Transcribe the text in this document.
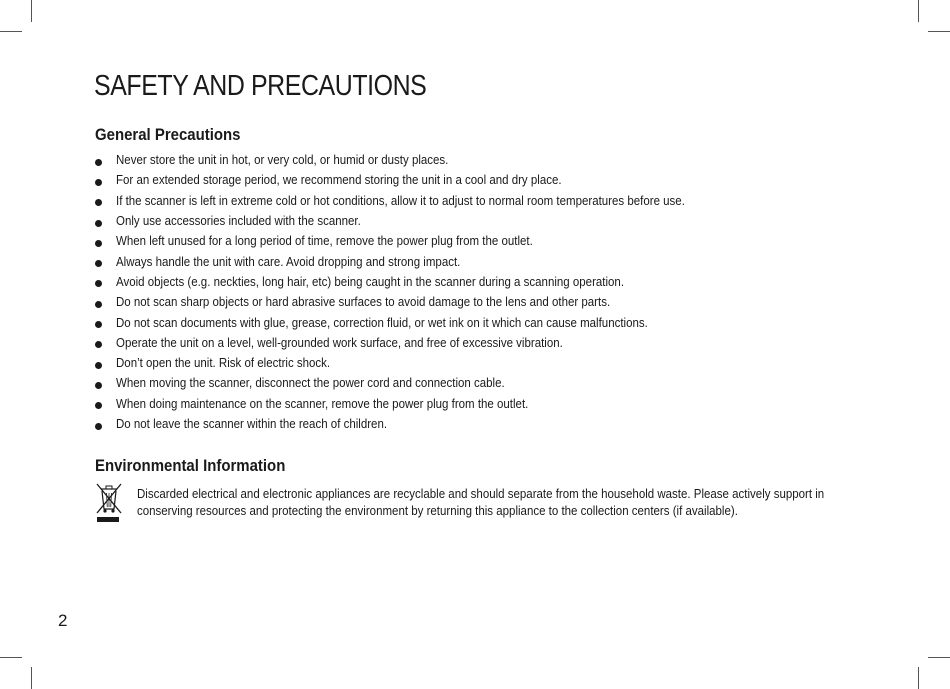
SAFETY AND PRECAUTIONS
General Precautions
Never store the unit in hot, or very cold, or humid or dusty places.
For an extended storage period, we recommend storing the unit in a cool and dry place.
If the scanner is left in extreme cold or hot conditions, allow it to adjust to normal room temperatures before use.
Only use accessories included with the scanner.
When left unused for a long period of time, remove the power plug from the outlet.
Always handle the unit with care. Avoid dropping and strong impact.
Avoid objects (e.g. neckties, long hair, etc) being caught in the scanner during a scanning operation.
Do not scan sharp objects or hard abrasive surfaces to avoid damage to the lens and other parts.
Do not scan documents with glue, grease, correction fluid, or wet ink on it which can cause malfunctions.
Operate the unit on a level, well-grounded work surface, and free of excessive vibration.
Don’t open the unit. Risk of electric shock.
When moving the scanner, disconnect the power cord and connection cable.
When doing maintenance on the scanner, remove the power plug from the outlet.
Do not leave the scanner within the reach of children.
Environmental Information

Discarded electrical and electronic appliances are recyclable and should separate from the household waste. Please actively support in conserving resources and protecting the environment by returning this appliance to the collection centers (if available).

2
